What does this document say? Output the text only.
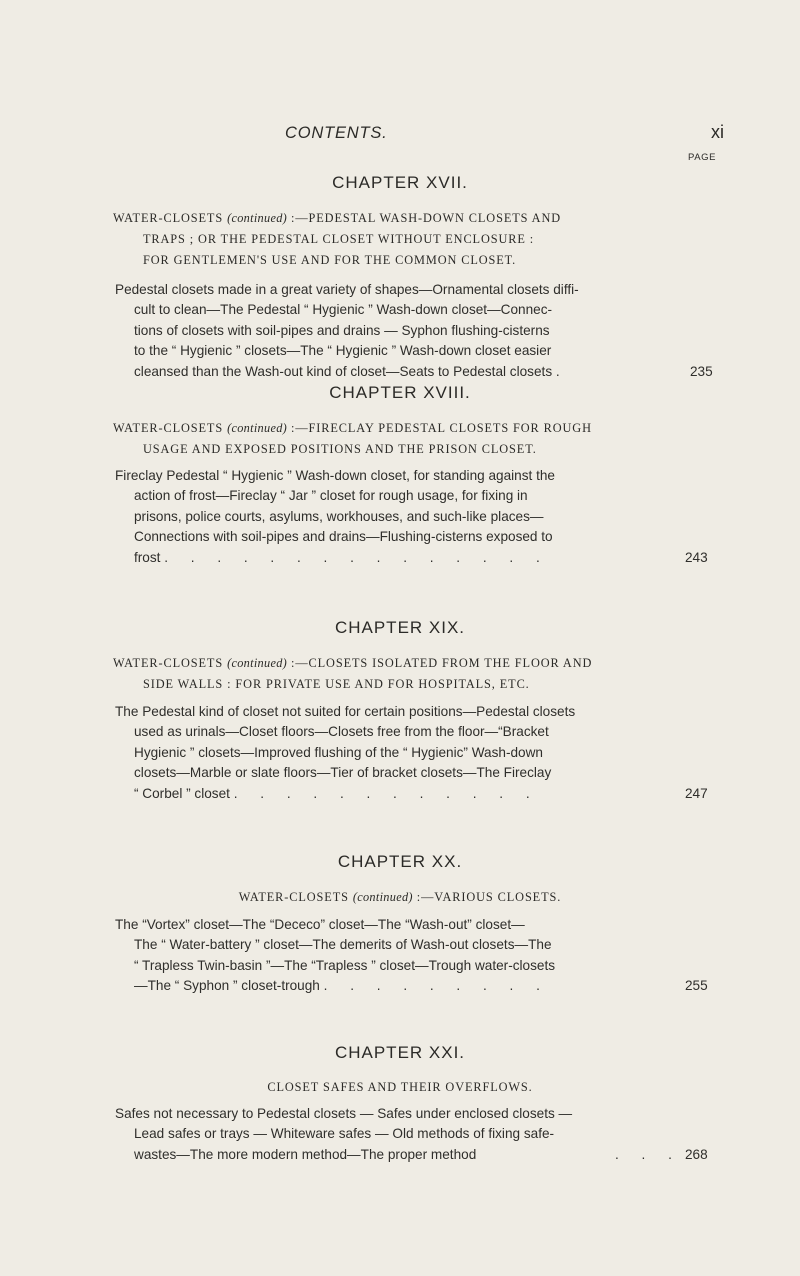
CONTENTS.	xi
PAGE
CHAPTER XVII.
WATER-CLOSETS (continued) :—PEDESTAL WASH-DOWN CLOSETS AND
TRAPS ; OR THE PEDESTAL CLOSET WITHOUT ENCLOSURE :
FOR GENTLEMEN'S USE AND FOR THE COMMON CLOSET.
Pedestal closets made in a great variety of shapes—Ornamental closets diffi-
cult to clean—The Pedestal “ Hygienic ” Wash-down closet—Connec-
tions of closets with soil-pipes and drains — Syphon flushing-cisterns
to the “ Hygienic ” closets—The “ Hygienic ” Wash-down closet easier
cleansed than the Wash-out kind of closet—Seats to Pedestal closets .	235
CHAPTER XVIII.
WATER-CLOSETS (continued) :—FIRECLAY PEDESTAL CLOSETS FOR ROUGH
USAGE AND EXPOSED POSITIONS AND THE PRISON CLOSET.
Fireclay Pedestal “ Hygienic ” Wash-down closet, for standing against the
action of frost—Fireclay “ Jar ” closet for rough usage, for fixing in
prisons, police courts, asylums, workhouses, and such-like places—
Connections with soil-pipes and drains—Flushing-cisterns exposed to
frost . . . . . . . . . . . . . . .	243
CHAPTER XIX.
WATER-CLOSETS (continued) :—CLOSETS ISOLATED FROM THE FLOOR AND
SIDE WALLS : FOR PRIVATE USE AND FOR HOSPITALS, ETC.
The Pedestal kind of closet not suited for certain positions—Pedestal closets
used as urinals—Closet floors—Closets free from the floor—“Bracket
Hygienic ” closets—Improved flushing of the “ Hygienic” Wash-down
closets—Marble or slate floors—Tier of bracket closets—The Fireclay
“ Corbel ” closet . . . . . . . . . . . .	247
CHAPTER XX.
WATER-CLOSETS (continued) :—VARIOUS CLOSETS.
The “Vortex” closet—The “Dececo” closet—The “Wash-out” closet—
The “ Water-battery ” closet—The demerits of Wash-out closets—The
“ Trapless Twin-basin ”—The “Trapless ” closet—Trough water-closets
—The “ Syphon ” closet-trough . . . . . . . . .	255
CHAPTER XXI.
CLOSET SAFES AND THEIR OVERFLOWS.
Safes not necessary to Pedestal closets — Safes under enclosed closets —
Lead safes or trays — Whiteware safes — Old methods of fixing safe-
wastes—The more modern method—The proper method	. . . 268
